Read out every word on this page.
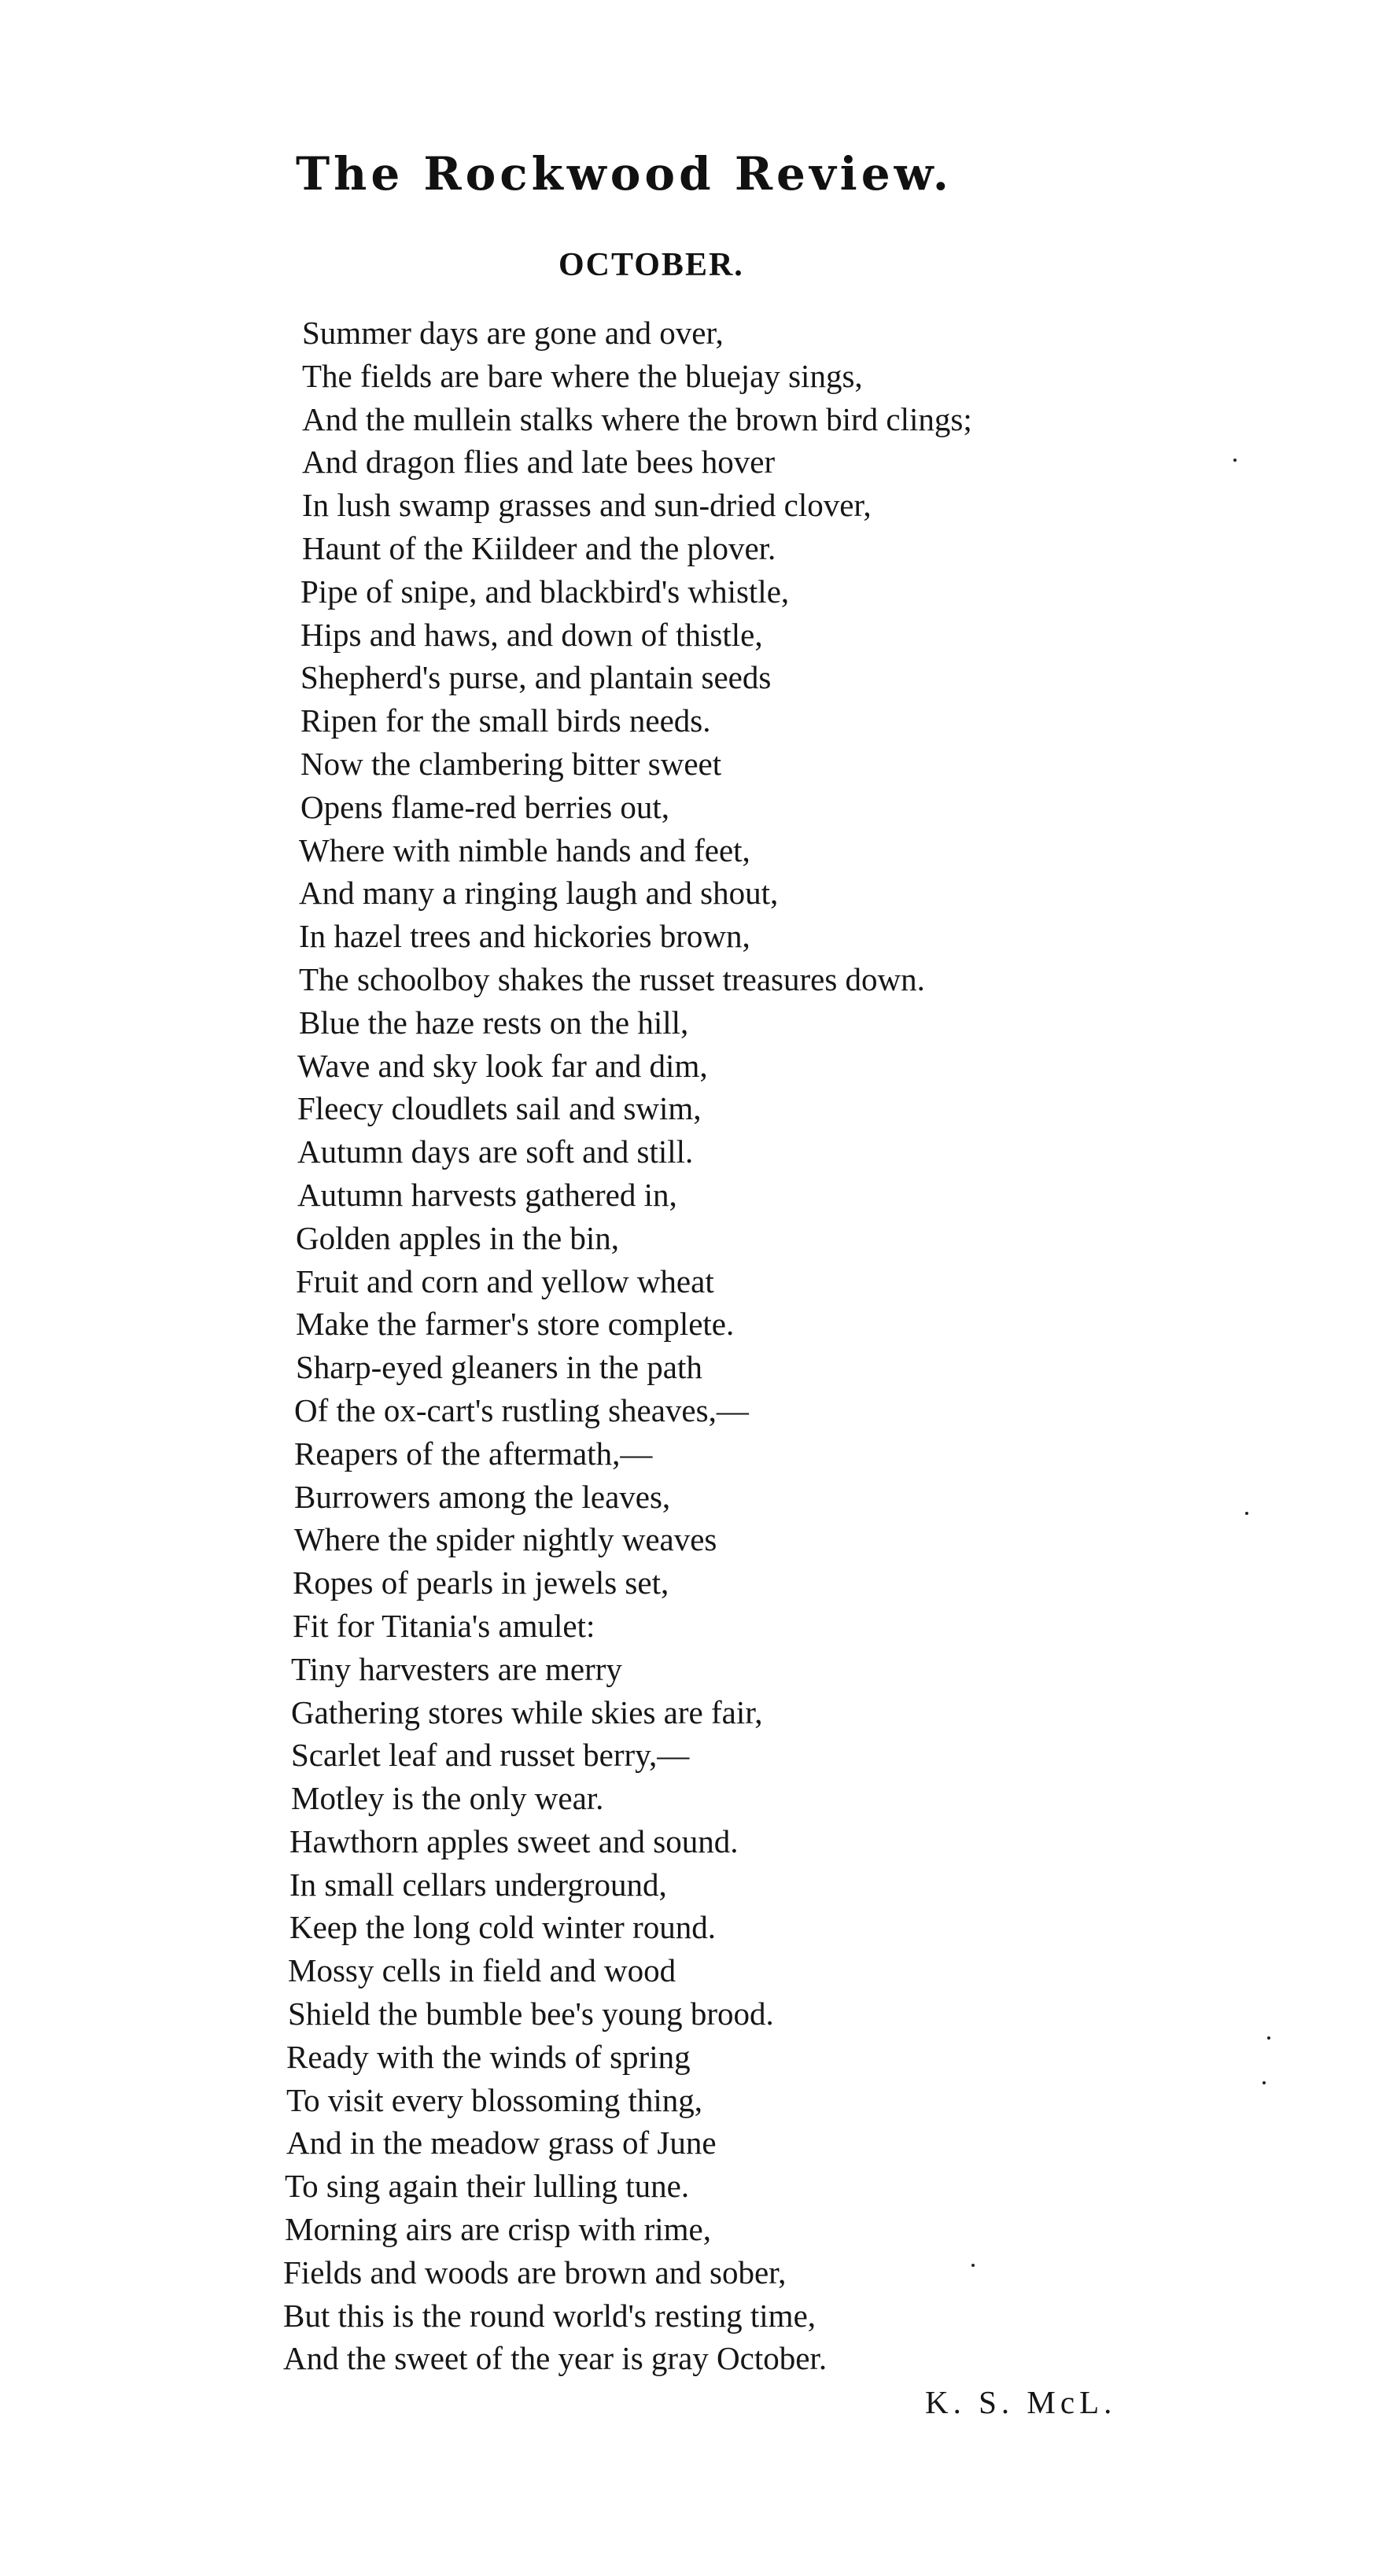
The Rockwood Review.
OCTOBER.
Summer days are gone and over,
The fields are bare where the bluejay sings,
And the mullein stalks where the brown bird clings;
And dragon flies and late bees hover
In lush swamp grasses and sun-dried clover,
Haunt of the Kiildeer and the plover.
Pipe of snipe, and blackbird's whistle,
Hips and haws, and down of thistle,
Shepherd's purse, and plantain seeds
Ripen for the small birds needs.
Now the clambering bitter sweet
Opens flame-red berries out,
Where with nimble hands and feet,
And many a ringing laugh and shout,
In hazel trees and hickories brown,
The schoolboy shakes the russet treasures down.
Blue the haze rests on the hill,
Wave and sky look far and dim,
Fleecy cloudlets sail and swim,
Autumn days are soft and still.
Autumn harvests gathered in,
Golden apples in the bin,
Fruit and corn and yellow wheat
Make the farmer's store complete.
Sharp-eyed gleaners in the path
Of the ox-cart's rustling sheaves,—
Reapers of the aftermath,—
Burrowers among the leaves,
Where the spider nightly weaves
Ropes of pearls in jewels set,
Fit for Titania's amulet:
Tiny harvesters are merry
Gathering stores while skies are fair,
Scarlet leaf and russet berry,—
Motley is the only wear.
Hawthorn apples sweet and sound.
In small cellars underground,
Keep the long cold winter round.
Mossy cells in field and wood
Shield the bumble bee's young brood.
Ready with the winds of spring
To visit every blossoming thing,
And in the meadow grass of June
To sing again their lulling tune.
Morning airs are crisp with rime,
Fields and woods are brown and sober,
But this is the round world's resting time,
And the sweet of the year is gray October.
K. S. McL.
